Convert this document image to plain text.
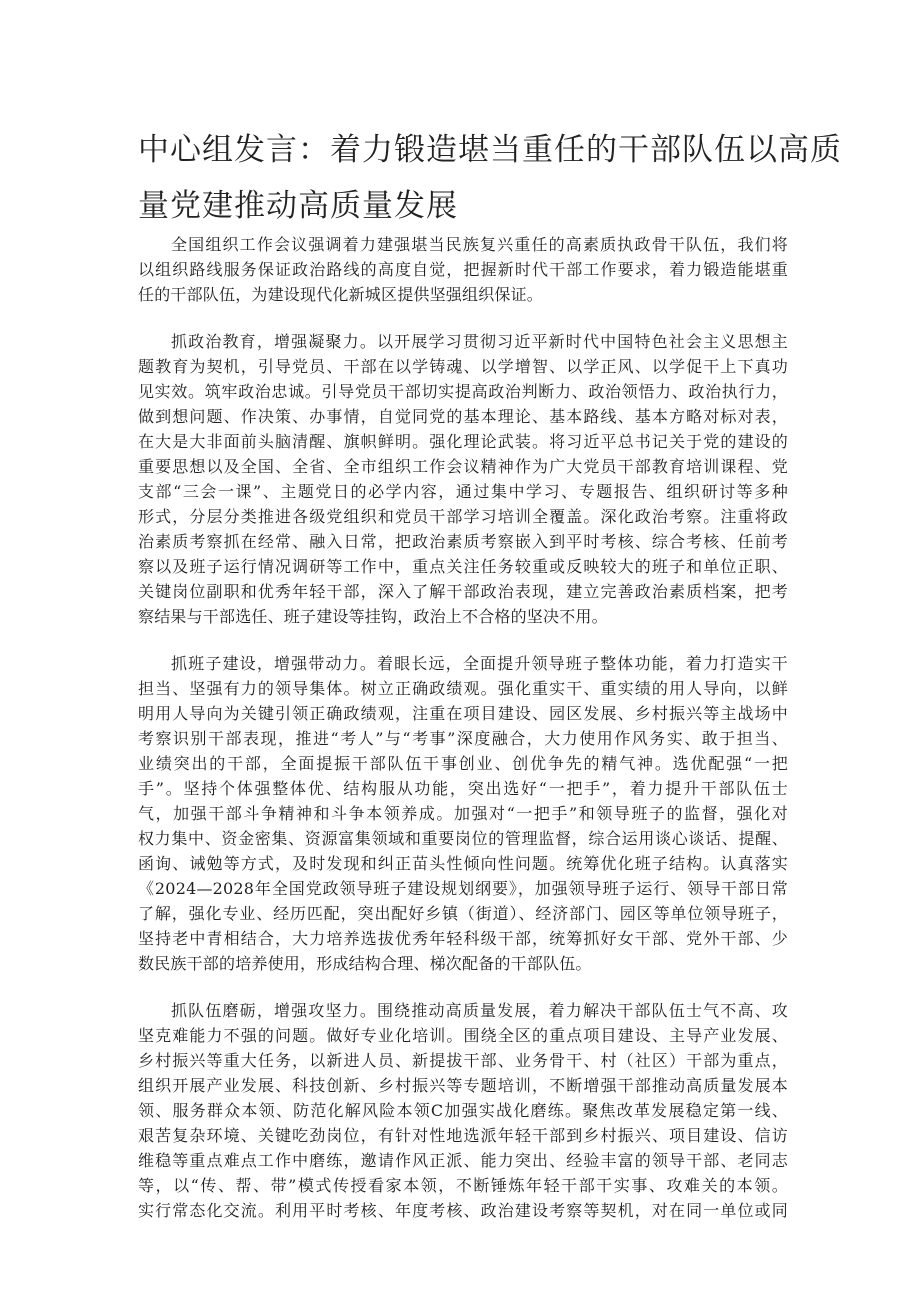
中心组发言：着力锻造堪当重任的干部队伍以高质
量党建推动高质量发展
全国组织工作会议强调着力建强堪当民族复兴重任的高素质执政骨干队伍，我们将
以组织路线服务保证政治路线的高度自觉，把握新时代干部工作要求，着力锻造能堪重
任的干部队伍，为建设现代化新城区提供坚强组织保证。
抓政治教育，增强凝聚力。以开展学习贯彻习近平新时代中国特色社会主义思想主
题教育为契机，引导党员、干部在以学铸魂、以学增智、以学正风、以学促干上下真功
见实效。筑牢政治忠诚。引导党员干部切实提高政治判断力、政治领悟力、政治执行力，
做到想问题、作决策、办事情，自觉同党的基本理论、基本路线、基本方略对标对表，
在大是大非面前头脑清醒、旗帜鲜明。强化理论武装。将习近平总书记关于党的建设的
重要思想以及全国、全省、全市组织工作会议精神作为广大党员干部教育培训课程、党
支部“三会一课”、主题党日的必学内容，通过集中学习、专题报告、组织研讨等多种
形式，分层分类推进各级党组织和党员干部学习培训全覆盖。深化政治考察。注重将政
治素质考察抓在经常、融入日常，把政治素质考察嵌入到平时考核、综合考核、任前考
察以及班子运行情况调研等工作中，重点关注任务较重或反映较大的班子和单位正职、
关键岗位副职和优秀年轻干部，深入了解干部政治表现，建立完善政治素质档案，把考
察结果与干部选任、班子建设等挂钩，政治上不合格的坚决不用。
抓班子建设，增强带动力。着眼长远，全面提升领导班子整体功能，着力打造实干
担当、坚强有力的领导集体。树立正确政绩观。强化重实干、重实绩的用人导向，以鲜
明用人导向为关键引领正确政绩观，注重在项目建设、园区发展、乡村振兴等主战场中
考察识别干部表现，推进“考人”与“考事”深度融合，大力使用作风务实、敢于担当、
业绩突出的干部，全面提振干部队伍干事创业、创优争先的精气神。选优配强“一把
手”。坚持个体强整体优、结构服从功能，突出选好“一把手”，着力提升干部队伍士
气，加强干部斗争精神和斗争本领养成。加强对“一把手”和领导班子的监督，强化对
权力集中、资金密集、资源富集领域和重要岗位的管理监督，综合运用谈心谈话、提醒、
函询、诫勉等方式，及时发现和纠正苗头性倾向性问题。统筹优化班子结构。认真落实
《2024—2028年全国党政领导班子建设规划纲要》，加强领导班子运行、领导干部日常
了解，强化专业、经历匹配，突出配好乡镇（街道）、经济部门、园区等单位领导班子，
坚持老中青相结合，大力培养选拔优秀年轻科级干部，统筹抓好女干部、党外干部、少
数民族干部的培养使用，形成结构合理、梯次配备的干部队伍。
抓队伍磨砺，增强攻坚力。围绕推动高质量发展，着力解决干部队伍士气不高、攻
坚克难能力不强的问题。做好专业化培训。围绕全区的重点项目建设、主导产业发展、
乡村振兴等重大任务，以新进人员、新提拔干部、业务骨干、村（社区）干部为重点，
组织开展产业发展、科技创新、乡村振兴等专题培训，不断增强干部推动高质量发展本
领、服务群众本领、防范化解风险本领C加强实战化磨练。聚焦改革发展稳定第一线、
艰苦复杂环境、关键吃劲岗位，有针对性地选派年轻干部到乡村振兴、项目建设、信访
维稳等重点难点工作中磨练，邀请作风正派、能力突出、经验丰富的领导干部、老同志
等，以“传、帮、带”模式传授看家本领，不断锤炼年轻干部干实事、攻难关的本领。
实行常态化交流。利用平时考核、年度考核、政治建设考察等契机，对在同一单位或同
